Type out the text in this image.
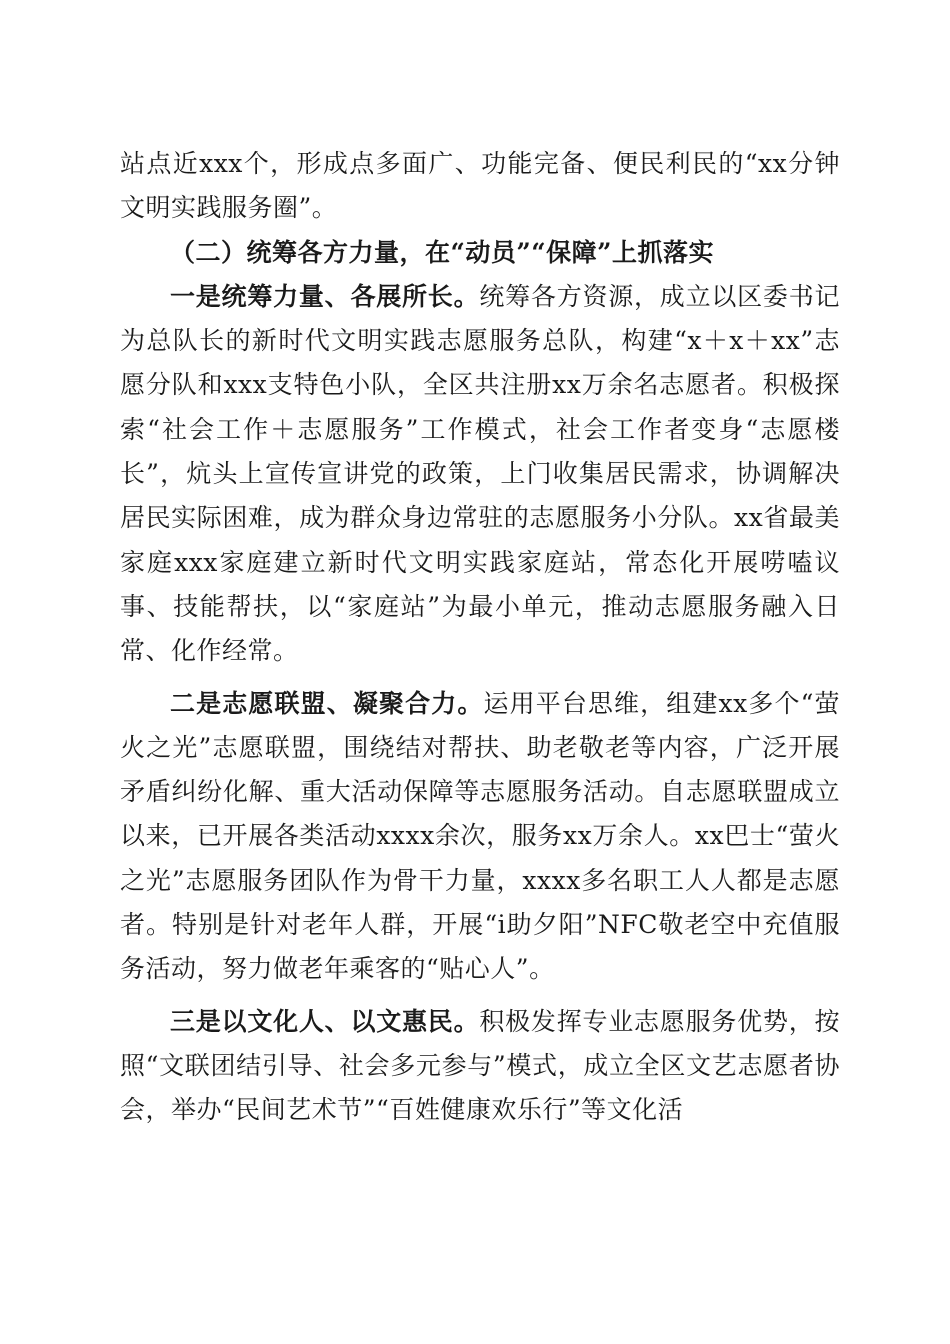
站点近xxx个，形成点多面广、功能完备、便民利民的“xx分钟文明实践服务圈”。

（二）统筹各方力量，在“动员”“保障”上抓落实

一是统筹力量、各展所长。统筹各方资源，成立以区委书记为总队长的新时代文明实践志愿服务总队，构建“x＋x＋xx”志愿分队和xxx支特色小队，全区共注册xx万余名志愿者。积极探索“社会工作＋志愿服务”工作模式，社会工作者变身“志愿楼长”，炕头上宣传宣讲党的政策，上门收集居民需求，协调解决居民实际困难，成为群众身边常驻的志愿服务小分队。xx省最美家庭xxx家庭建立新时代文明实践家庭站，常态化开展唠嗑议事、技能帮扶，以“家庭站”为最小单元，推动志愿服务融入日常、化作经常。

二是志愿联盟、凝聚合力。运用平台思维，组建xx多个“萤火之光”志愿联盟，围绕结对帮扶、助老敬老等内容，广泛开展矛盾纠纷化解、重大活动保障等志愿服务活动。自志愿联盟成立以来，已开展各类活动xxxx余次，服务xx万余人。xx巴士“萤火之光”志愿服务团队作为骨干力量，xxxx多名职工人人都是志愿者。特别是针对老年人群，开展“i助夕阳”NFC敬老空中充值服务活动，努力做老年乘客的“贴心人”。

三是以文化人、以文惠民。积极发挥专业志愿服务优势，按照“文联团结引导、社会多元参与”模式，成立全区文艺志愿者协会，举办“民间艺术节”“百姓健康欢乐行”等文化活
